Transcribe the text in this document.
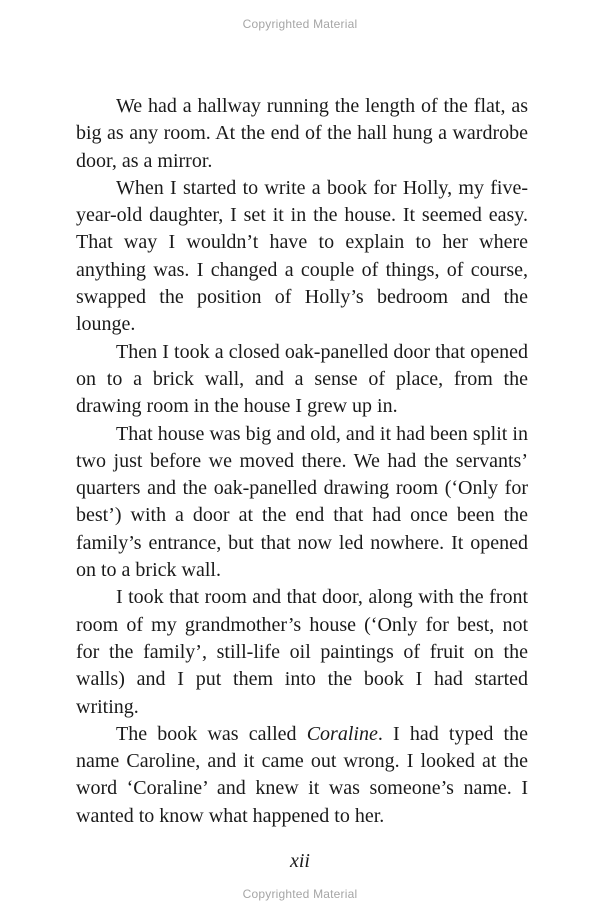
Copyrighted Material

We had a hallway running the length of the flat, as big as any room. At the end of the hall hung a wardrobe door, as a mirror.

When I started to write a book for Holly, my five-year-old daughter, I set it in the house. It seemed easy. That way I wouldn’t have to explain to her where anything was. I changed a couple of things, of course, swapped the position of Holly’s bedroom and the lounge.

Then I took a closed oak-panelled door that opened on to a brick wall, and a sense of place, from the drawing room in the house I grew up in.

That house was big and old, and it had been split in two just before we moved there. We had the servants’ quarters and the oak-panelled drawing room (‘Only for best’) with a door at the end that had once been the family’s entrance, but that now led nowhere. It opened on to a brick wall.

I took that room and that door, along with the front room of my grandmother’s house (‘Only for best, not for the family’, still-life oil paintings of fruit on the walls) and I put them into the book I had started writing.

The book was called Coraline. I had typed the name Caroline, and it came out wrong. I looked at the word ‘Coraline’ and knew it was someone’s name. I wanted to know what happened to her.

xii
Copyrighted Material
